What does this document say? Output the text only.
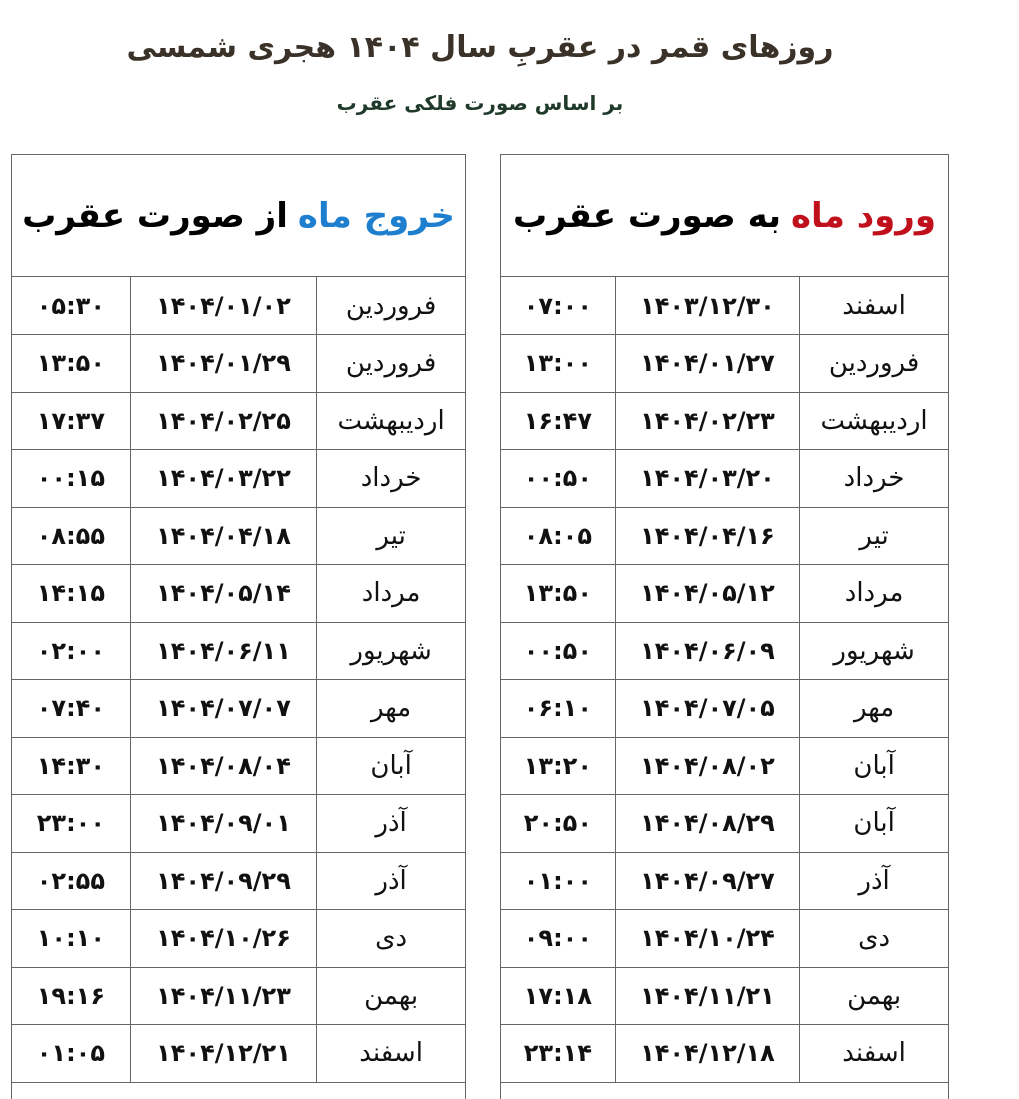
روزهای قمر در عقربِ سال ۱۴۰۴ هجری شمسی
بر اساس صورت فلکی عقرب
خروج ماه
از صورت عقرب
فروردین	۱۴۰۴/۰۱/۰۲	۰۵:۳۰
فروردین	۱۴۰۴/۰۱/۲۹	۱۳:۵۰
اردیبهشت	۱۴۰۴/۰۲/۲۵	۱۷:۳۷
خرداد	۱۴۰۴/۰۳/۲۲	۰۰:۱۵
تیر	۱۴۰۴/۰۴/۱۸	۰۸:۵۵
مرداد	۱۴۰۴/۰۵/۱۴	۱۴:۱۵
شهریور	۱۴۰۴/۰۶/۱۱	۰۲:۰۰
مهر	۱۴۰۴/۰۷/۰۷	۰۷:۴۰
آبان	۱۴۰۴/۰۸/۰۴	۱۴:۳۰
آذر	۱۴۰۴/۰۹/۰۱	۲۳:۰۰
آذر	۱۴۰۴/۰۹/۲۹	۰۲:۵۵
دی	۱۴۰۴/۱۰/۲۶	۱۰:۱۰
بهمن	۱۴۰۴/۱۱/۲۳	۱۹:۱۶
اسفند	۱۴۰۴/۱۲/۲۱	۰۱:۰۵
ورود ماه
به صورت عقرب
اسفند	۱۴۰۳/۱۲/۳۰	۰۷:۰۰
فروردین	۱۴۰۴/۰۱/۲۷	۱۳:۰۰
اردیبهشت	۱۴۰۴/۰۲/۲۳	۱۶:۴۷
خرداد	۱۴۰۴/۰۳/۲۰	۰۰:۵۰
تیر	۱۴۰۴/۰۴/۱۶	۰۸:۰۵
مرداد	۱۴۰۴/۰۵/۱۲	۱۳:۵۰
شهریور	۱۴۰۴/۰۶/۰۹	۰۰:۵۰
مهر	۱۴۰۴/۰۷/۰۵	۰۶:۱۰
آبان	۱۴۰۴/۰۸/۰۲	۱۳:۲۰
آبان	۱۴۰۴/۰۸/۲۹	۲۰:۵۰
آذر	۱۴۰۴/۰۹/۲۷	۰۱:۰۰
دی	۱۴۰۴/۱۰/۲۴	۰۹:۰۰
بهمن	۱۴۰۴/۱۱/۲۱	۱۷:۱۸
اسفند	۱۴۰۴/۱۲/۱۸	۲۳:۱۴
